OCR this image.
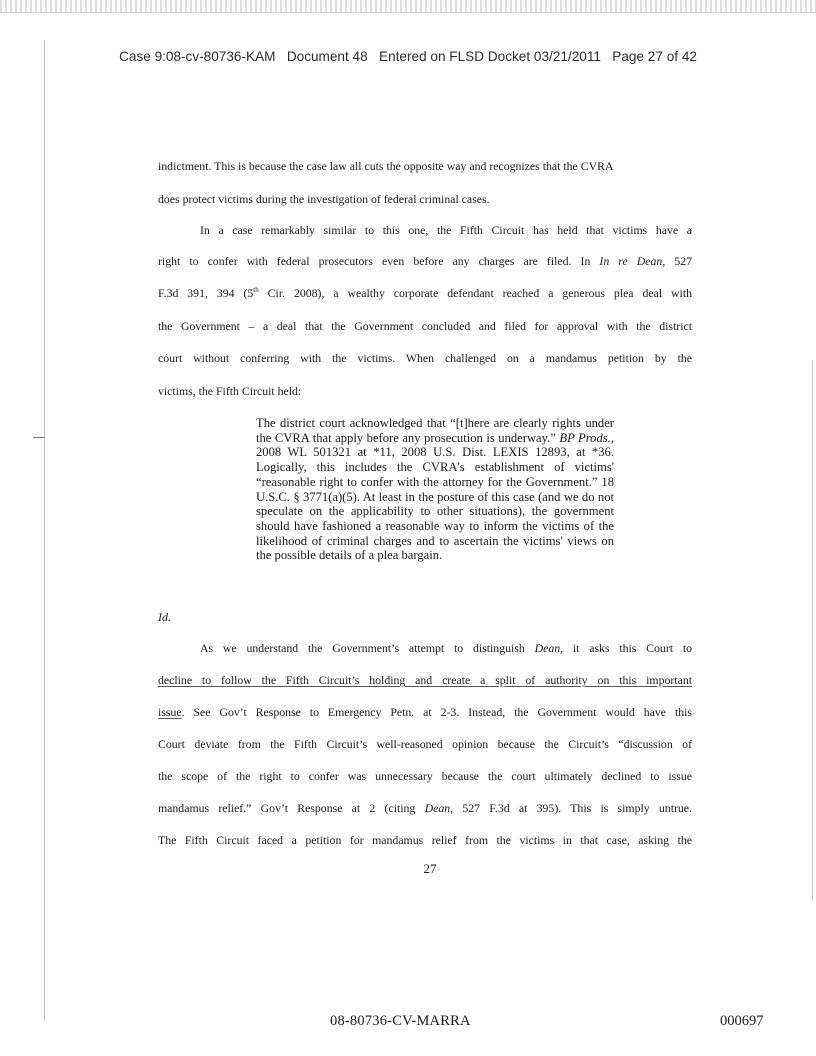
Case 9:08-cv-80736-KAM Document 48 Entered on FLSD Docket 03/21/2011 Page 27 of 42
indictment. This is because the case law all cuts the opposite way and recognizes that the CVRA
does protect victims during the investigation of federal criminal cases.
In a case remarkably similar to this one, the Fifth Circuit has held that victims have a
right to confer with federal prosecutors even before any charges are filed. In In re Dean, 527
F.3d 391, 394 (5th Cir. 2008), a wealthy corporate defendant reached a generous plea deal with
the Government – a deal that the Government concluded and filed for approval with the district
court without conferring with the victims. When challenged on a mandamus petition by the
victims, the Fifth Circuit held:
The district court acknowledged that “[t]here are clearly rights under the CVRA that apply before any prosecution is underway.” BP Prods., 2008 WL 501321 at *11, 2008 U.S. Dist. LEXIS 12893, at *36. Logically, this includes the CVRA's establishment of victims' “reasonable right to confer with the attorney for the Government.” 18 U.S.C. § 3771(a)(5). At least in the posture of this case (and we do not speculate on the applicability to other situations), the government should have fashioned a reasonable way to inform the victims of the likelihood of criminal charges and to ascertain the victims' views on the possible details of a plea bargain.
Id.
As we understand the Government’s attempt to distinguish Dean, it asks this Court to
decline to follow the Fifth Circuit’s holding and create a split of authority on this important
issue. See Gov’t Response to Emergency Petn. at 2-3. Instead, the Government would have this
Court deviate from the Fifth Circuit’s well-reasoned opinion because the Circuit’s “discussion of
the scope of the right to confer was unnecessary because the court ultimately declined to issue
mandamus relief.” Gov’t Response at 2 (citing Dean, 527 F.3d at 395). This is simply untrue.
The Fifth Circuit faced a petition for mandamus relief from the victims in that case, asking the
27
08-80736-CV-MARRA	000697
